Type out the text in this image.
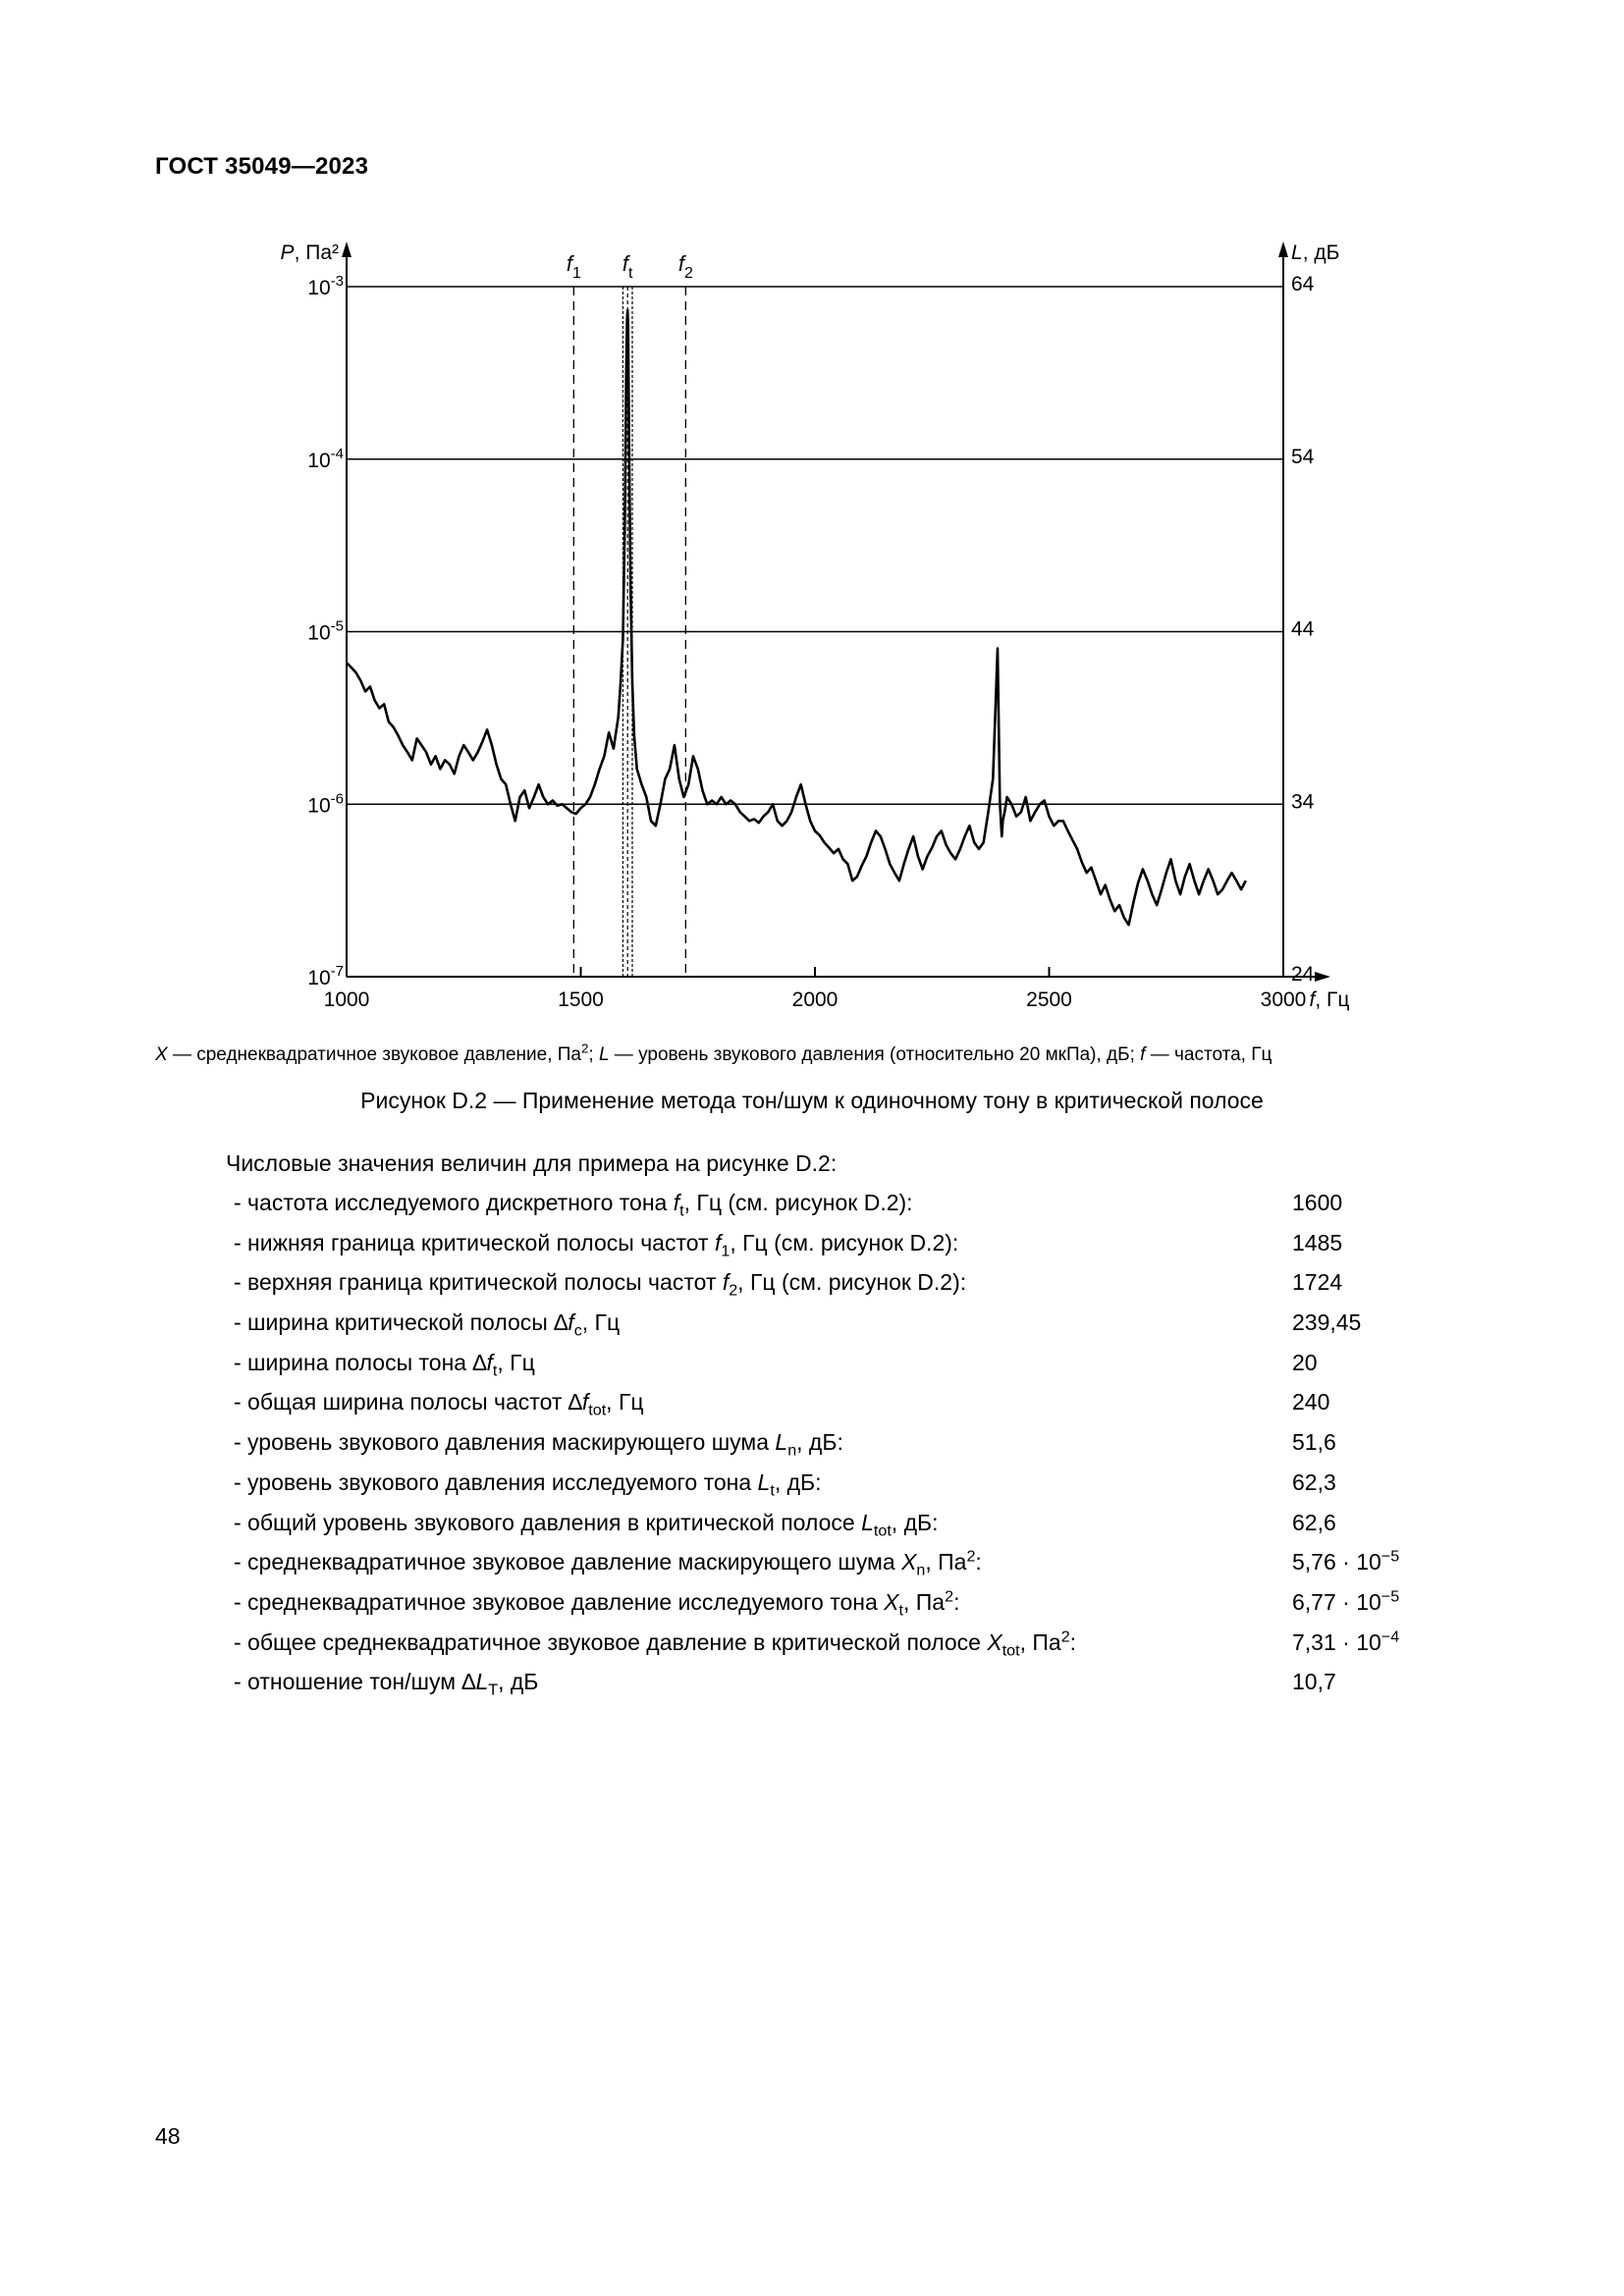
ГОСТ 35049—2023
1000	1500	2000	2500	3000 f, Гц
$10^{-7}$
$10^{-6}$
$10^{-5}$
$10^{-4}$
$10^{-3}$
24
34
44
54
64
P, Па²	L, дБ
$f_1$ $f_t$ $f_2$
X — среднеквадратичное звуковое давление, $Па^2$; L — уровень звукового давления (относительно 20 мкПа), дБ; f — частота, Гц
Рисунок D.2 — Применение метода тон/шум к одиночному тону в критической полосе
Числовые значения величин для примера на рисунке D.2:
- частота исследуемого дискретного тона $f_t$, Гц (см. рисунок D.2):	1600
- нижняя граница критической полосы частот $f_1$, Гц (см. рисунок D.2):	1485
- верхняя граница критической полосы частот $f_2$, Гц (см. рисунок D.2):	1724
- ширина критической полосы $\Delta f_c$, Гц	239,45
- ширина полосы тона $\Delta f_t$, Гц	20
- общая ширина полосы частот $\Delta f_{tot}$, Гц	240
- уровень звукового давления маскирующего шума $L_n$, дБ:	51,6
- уровень звукового давления исследуемого тона $L_t$, дБ:	62,3
- общий уровень звукового давления в критической полосе $L_{tot}$, дБ:	62,6
- среднеквадратичное звуковое давление маскирующего шума $X_n$, $Па^2$:	$5,76 \cdot 10^{-5}$
- среднеквадратичное звуковое давление исследуемого тона $X_t$, $Па^2$:	$6,77 \cdot 10^{-5}$
- общее среднеквадратичное звуковое давление в критической полосе $X_{tot}$, $Па^2$:	$7,31 \cdot 10^{-4}$
- отношение тон/шум $\Delta L_T$, дБ	10,7
48
